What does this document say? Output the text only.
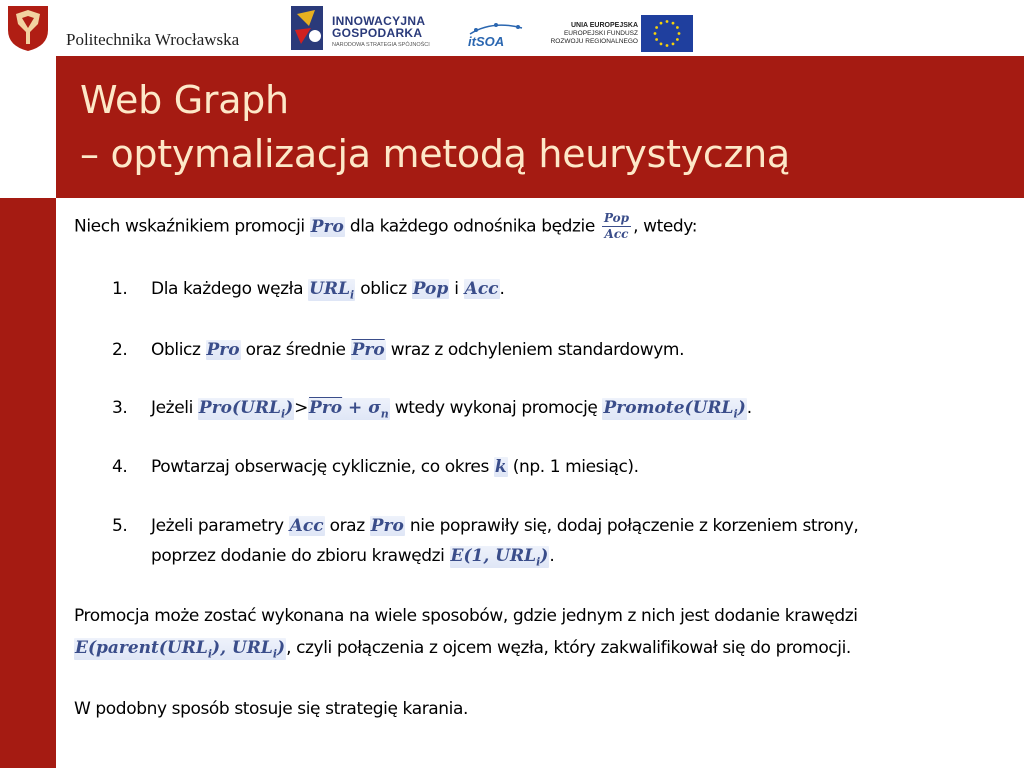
Politechnika Wrocławska
INNOWACYJNA
GOSPODARKA
NARODOWA STRATEGIA SPÓJNOŚCI	itSOA
UNIA EUROPEJSKA
EUROPEJSKI FUNDUSZ
ROZWOJU REGIONALNEGO
Web Graph
– optymalizacja metodą heurystyczną
Niech wskaźnikiem promocji Pro dla każdego odnośnika będzie $\frac{\text{Pop}}{\text{Acc}}$ , wtedy:
1. Dla każdego węzła $URL_i$ oblicz Pop i Acc.
2. Oblicz Pro oraz średnie $\overline{Pro}$ wraz z odchyleniem standardowym.
3. Jeżeli $Pro(URL_i)>\overline{Pro} + \sigma_n$ wtedy wykonaj promocję $Promote(URL_i)$.
4. Powtarzaj obserwację cyklicznie, co okres k (np. 1 miesiąc).
5. Jeżeli parametry Acc oraz Pro nie poprawiły się, dodaj połączenie z korzeniem strony,
poprzez dodanie do zbioru krawędzi E(1, $URL_i$).
Promocja może zostać wykonana na wiele sposobów, gdzie jednym z nich jest dodanie krawędzi
$E(parent(URL_i)$, $URL_i$), czyli połączenia z ojcem węzła, który zakwalifikował się do promocji.
W podobny sposób stosuje się strategię karania.
